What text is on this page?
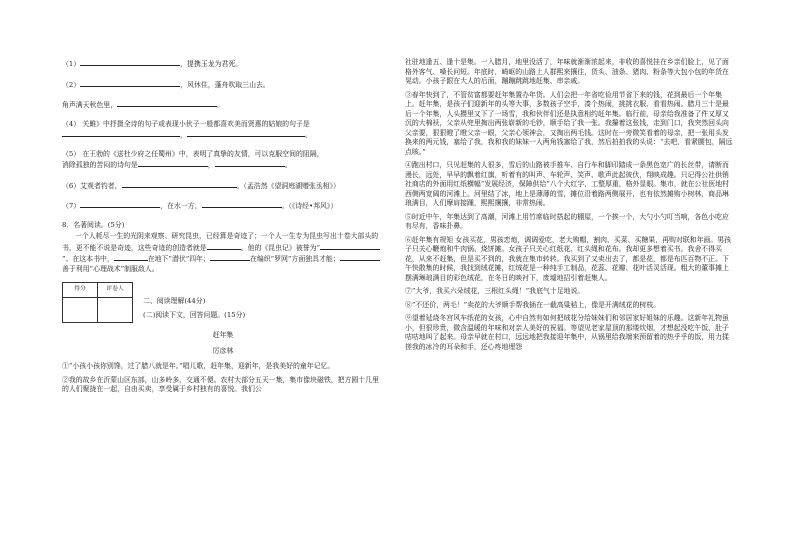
（1）	，提携玉龙为君死。

（2）	，风休住，蓬舟吹取三山去。

角声满天秋色里，	。

（4） 关雎》中抒摄全诗的句子或表现小伙子一般都喜欢美而贤惠的姑娘的句子是
，	。

（5） 在王勃的《送杜少府之任蜀州》中，表明了真挚的友情，可以克服空间的阻隔，
消除孤独的苦闷的诗句是	，	。

（6）艾观者钓者，	。（孟浩然《望洞庭湖赠张丞相》）

（7）	，在水一方，	。（《诗经•邦风》）

8．名著阅读。(5分)

一个人耗尽一生的光阴来观察、研究昆虫，已经算是奇迹了；一个人一生专为昆虫写出十卷大部头的书，更不能不说是奇迹，这些奇迹的创造者就是	。他的《昆虫记》被誉为“”。在这本书中，	在地下“潜伏”四年；	在编织“罗网”方面独具才能；善于利用“心理战术”制服敌人。

得分	评卷人

二、阅读理解(44分)

(二)阅读下文，回答问题。(15分)

赶年集

厉彦林

①“小孩小孩你别馋，过了腊八就是年。”唱儿歌，赶年集，迎新年，是我美好的童年记忆。

②我的故乡在沂蒙山区东部，山多岭多，交通不便。农村大部分五天一集，集市像块磁铁，把方圆十几里的人们聚拢在一起，自由买卖，享受属于乡村独有的喜悦。我们公

社驻地逢五、逢十是集。一入腊月，地里没活了，年味就渐渐浓起来，非收的喜悦挂在乡亲们脸上，见了面格外客气、嗓长问短。年底时，崎岖的山路上人群熙来攘往，货头、油条、猪肉、粉条等大包小包的年货在晃动。小孩子跟在大人的后面，蹦蹦跳跳地赶集、串亲戚。

③春年快到了，不管贫富都要赶年集置办年货。人们会把一年省吃俭用节省下来的钱，花到最后一个年集上。赶年集，是孩子们迎新年的头等大事，多数孩子空手，凑个热闹，挑挑衣服、看看热闹。腊月三十是最后一个年集，人头攒里又下了一场雪，我和伙伴们还是执意相约赶年集。临行前，母亲给我准备了件又厚又沉的大棉袄，父亲从兜里掏出两张崭新的毛钞，顺手给了我一张。我攥着这张钱，走到门口，我突然回头向父亲要，狠狠瞪了瞪父亲一眼，父亲心领神会，又掏出两毛钱。这时在一旁微笑看着的母亲，把一张用头发换来的两元钱，塞给了我，我和我的妹妹一人两角钱塞给了我，然后拍拍我的头说：“去吧，看紧腰包，隔远点咳。”

④跑出村口，只见赶集的人很多，雪后的山路被手推车、自行车和脚印踏成一条黑色宽广的长丝带，请断而漫长，远处，早早的飘着红旗，听着有的叫声、车轮声、笑声、歌声此起彼伏，翔映成趣。只记得公社供销社商店的外面用红纸横幅“发展经济，保障供给”八个大红字，工整厚重，格外显眼。集市，就在公社医地村西侧两宽阔的河滩上。河里结了冰，地上是薄薄的雪，摊位沿着路两侧展开，也有依然摊购小树林，商品琳琅满目，人们摩肩接踵，熙熙攘攘，非常热闹。

⑤时近中午，年集达到了高潮，河滩上用竹席临时搭起的棚屋，一个挨一个，大勺小勺叮当响，各色小吃应有尽有，香味扑鼻。

⑥赶年集有规矩 女孩买花，男孩恋炮，调调爱吃，老大购帽，割肉、买菜、买糖果，再购对联和年画。男孩子只关心鞭炮和牛肉锅、烧饼摊。女孩子只关心红纸花、红头绳和花布。我却更多想着买书。我舍不得买花，从来不赶集，但是买不到的，我就在集市转转。我买到了又卖出去了，都是花，都是布匹百物不正。下午快散集的时候，我找到绒花摊，红绒花是一种纯手工制品，花蕊、花瓣、花叶活灵活现。粗大的董事摊上摆满琳琅满目的彩色绒花，在冬日的映衬下，废墟地招引着赶集人。

⑦“大爷，我买六朵绒花，三根红头绳！”我底气十足地说。

⑧“不还价，两毛！”卖花的大爷顺手帮我插在一截高粱秸上，像是开满绒花的树枝。

⑨望着延烧冬宫风车纸花的女孩，心中自然有如何把绒花分给妹妹们和邻居家好姐妹的乐趣。这新年礼物虽小，但很珍贵，微含温暖的年味和对亲人美好的祝福。等望见老家屋顶的那缕炊烟，才想起没吃午饭，肚子咕咕地叫了起来。母亲早就在村口，远远地把我接迎年集中，从锅里给我端来预留着的热乎乎的饭，用力揉搓我的冰冷的耳朵和手，还心疼地埋怨
